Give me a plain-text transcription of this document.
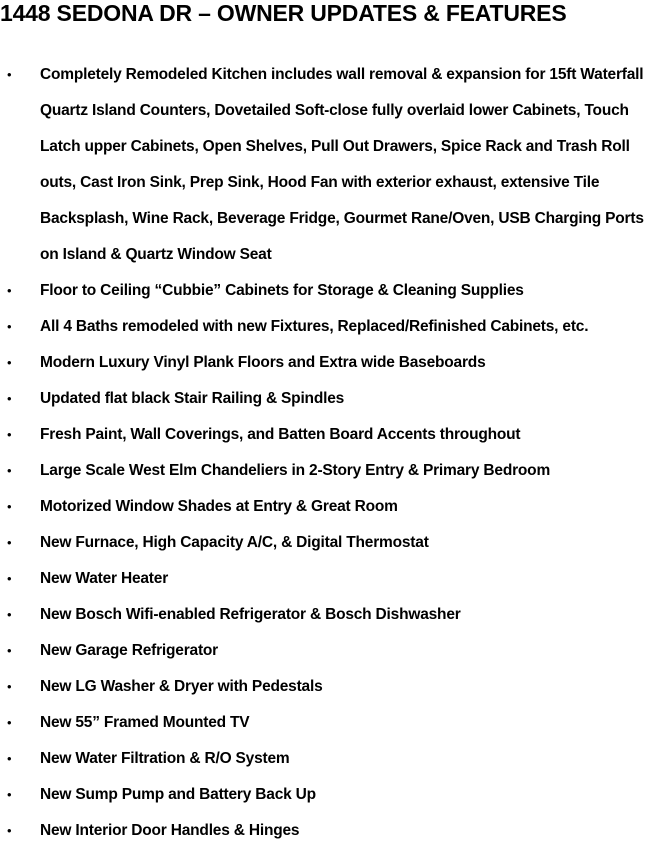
1448 SEDONA DR – OWNER UPDATES & FEATURES
• Completely Remodeled Kitchen includes wall removal & expansion for 15ft Waterfall Quartz Island Counters, Dovetailed Soft-close fully overlaid lower Cabinets, Touch Latch upper Cabinets, Open Shelves, Pull Out Drawers, Spice Rack and Trash Roll outs, Cast Iron Sink, Prep Sink, Hood Fan with exterior exhaust, extensive Tile Backsplash, Wine Rack, Beverage Fridge, Gourmet Rane/Oven, USB Charging Ports on Island & Quartz Window Seat
• Floor to Ceiling “Cubbie” Cabinets for Storage & Cleaning Supplies
• All 4 Baths remodeled with new Fixtures, Replaced/Refinished Cabinets, etc.
• Modern Luxury Vinyl Plank Floors and Extra wide Baseboards
• Updated flat black Stair Railing & Spindles
• Fresh Paint, Wall Coverings, and Batten Board Accents throughout
• Large Scale West Elm Chandeliers in 2-Story Entry & Primary Bedroom
• Motorized Window Shades at Entry & Great Room
• New Furnace, High Capacity A/C, & Digital Thermostat
• New Water Heater
• New Bosch Wifi-enabled Refrigerator & Bosch Dishwasher
• New Garage Refrigerator
• New LG Washer & Dryer with Pedestals
• New 55” Framed Mounted TV
• New Water Filtration & R/O System
• New Sump Pump and Battery Back Up
• New Interior Door Handles & Hinges
